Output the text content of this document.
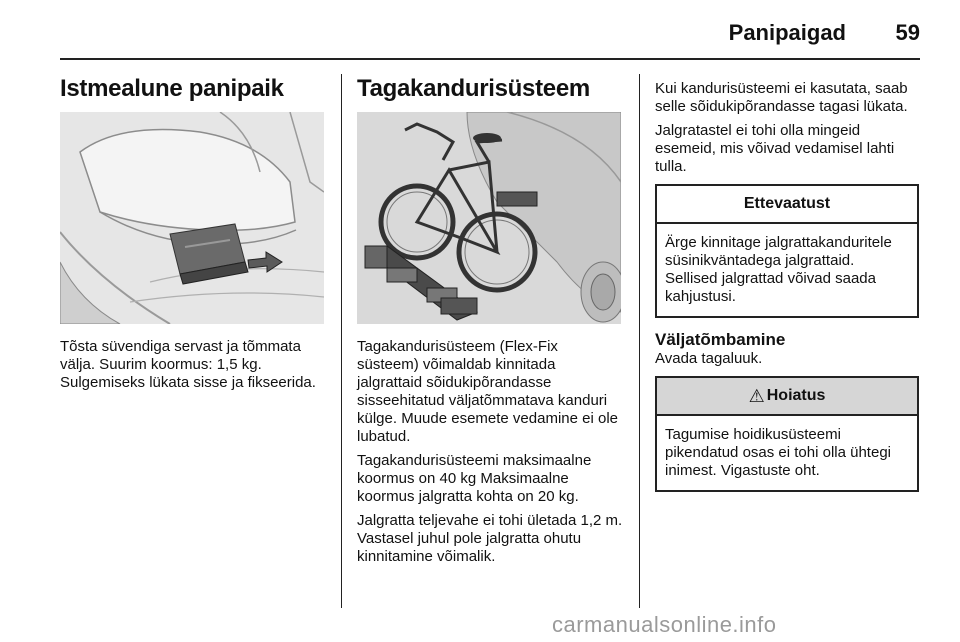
Panipaigad 59
Istmealune panipaik

Tõsta süvendiga servast ja tõmmata välja. Suurim koormus: 1,5 kg. Sulgemiseks lükata sisse ja fikseerida.

Tagakandurisüsteem

Tagakandurisüsteem (Flex-Fix süsteem) võimaldab kinnitada jalgrattaid sõidukipõrandasse sisseehitatud väljatõmmatava kanduri külge. Muude esemete vedamine ei ole lubatud.

Tagakandurisüsteemi maksimaalne koormus on 40 kg Maksimaalne koormus jalgratta kohta on 20 kg.

Jalgratta teljevahe ei tohi ületada 1,2 m. Vastasel juhul pole jalgratta ohutu kinnitamine võimalik.

Kui kandurisüsteemi ei kasutata, saab selle sõidukipõrandasse tagasi lükata.

Jalgratastel ei tohi olla mingeid esemeid, mis võivad vedamisel lahti tulla.

Ettevaatust

Ärge kinnitage jalgrattakanduritele süsinikväntadega jalgrattaid. Sellised jalgrattad võivad saada kahjustusi.

Väljatõmbamine

Avada tagaluuk.

⚠ Hoiatus

Tagumise hoidikusüsteemi pikendatud osas ei tohi olla ühtegi inimest. Vigastuste oht.

carmanualsonline.info
